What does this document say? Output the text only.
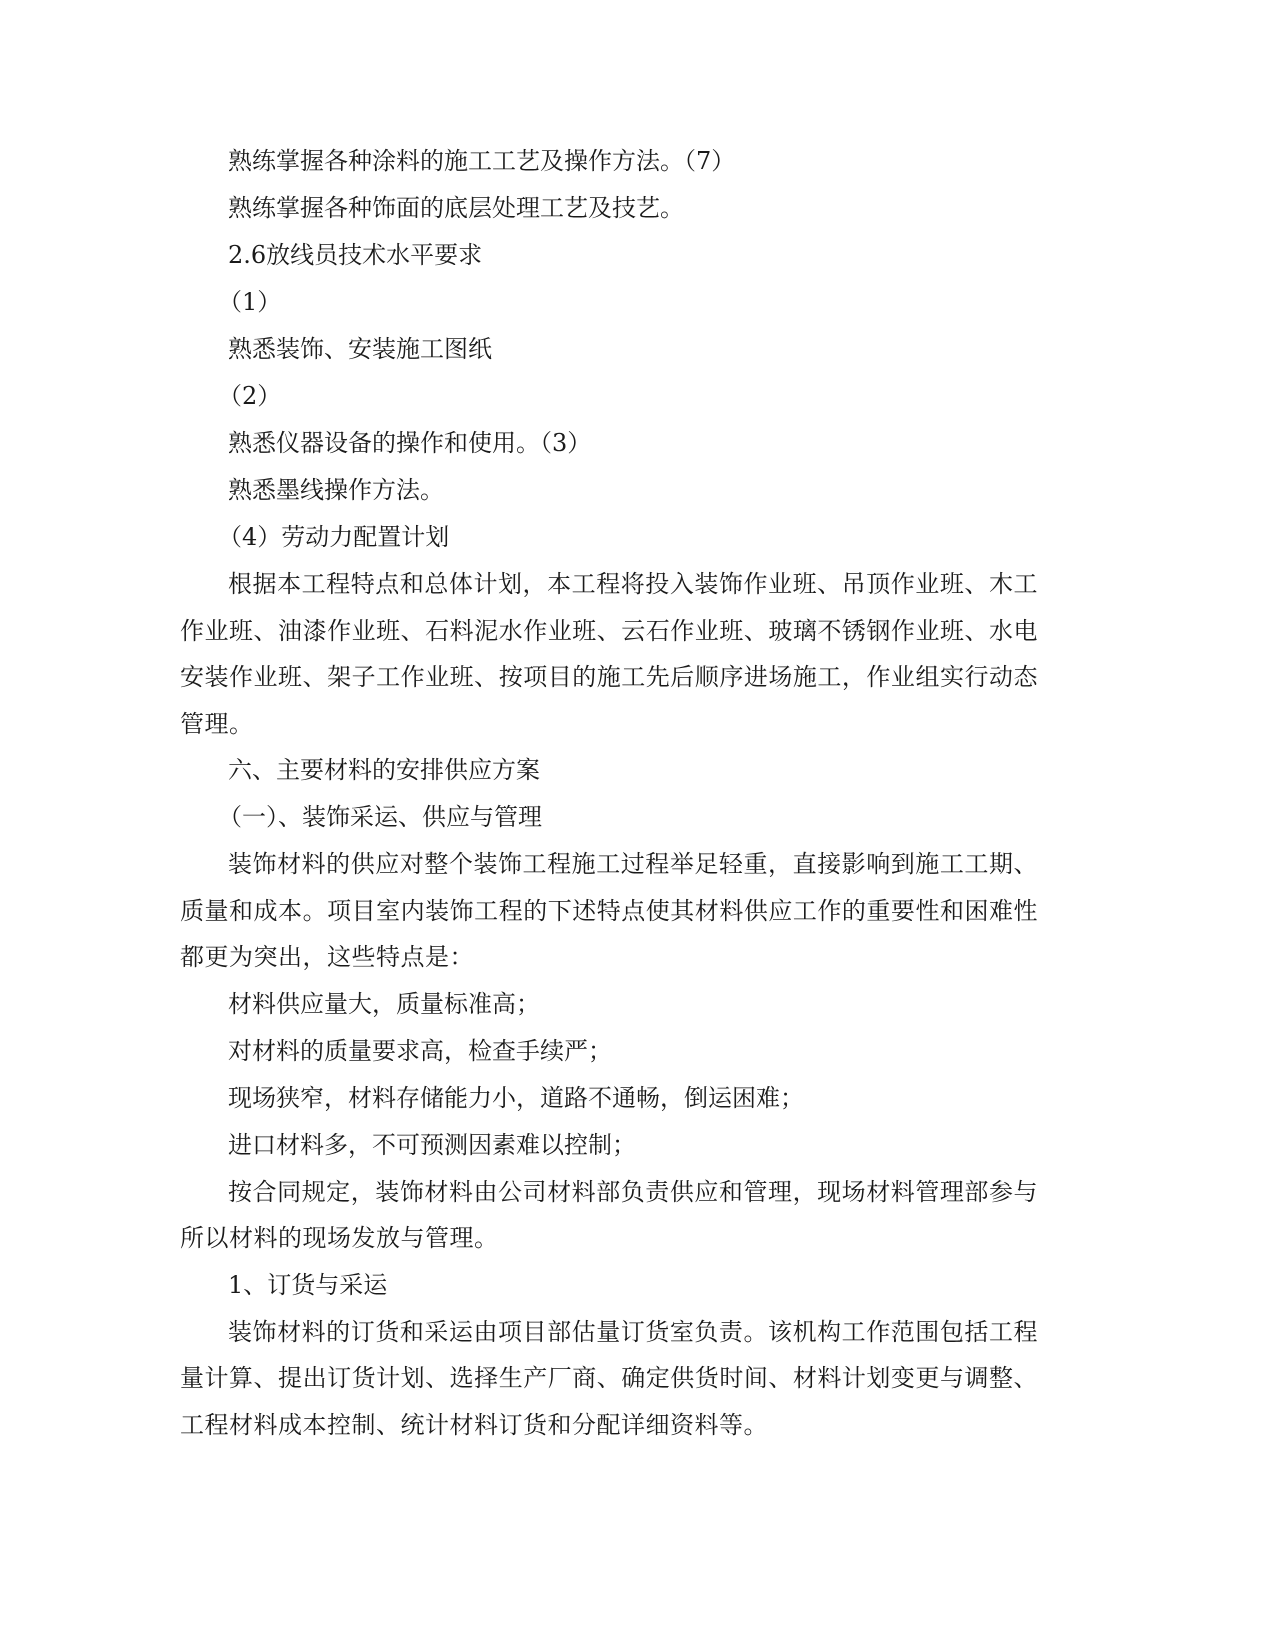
熟练掌握各种涂料的施工工艺及操作方法。（7）

熟练掌握各种饰面的底层处理工艺及技艺。

2.6放线员技术水平要求

（1）

熟悉装饰、安装施工图纸

（2）

熟悉仪器设备的操作和使用。（3）

熟悉墨线操作方法。

（4）劳动力配置计划

根据本工程特点和总体计划，本工程将投入装饰作业班、吊顶作业班、木工作业班、油漆作业班、石料泥水作业班、云石作业班、玻璃不锈钢作业班、水电安装作业班、架子工作业班、按项目的施工先后顺序进场施工，作业组实行动态管理。

六、主要材料的安排供应方案

（一）、装饰采运、供应与管理

装饰材料的供应对整个装饰工程施工过程举足轻重，直接影响到施工工期、质量和成本。项目室内装饰工程的下述特点使其材料供应工作的重要性和困难性都更为突出，这些特点是：

材料供应量大，质量标准高；

对材料的质量要求高，检查手续严；

现场狭窄，材料存储能力小，道路不通畅，倒运困难；

进口材料多，不可预测因素难以控制；

按合同规定，装饰材料由公司材料部负责供应和管理，现场材料管理部参与所以材料的现场发放与管理。

1、订货与采运

装饰材料的订货和采运由项目部估量订货室负责。该机构工作范围包括工程量计算、提出订货计划、选择生产厂商、确定供货时间、材料计划变更与调整、工程材料成本控制、统计材料订货和分配详细资料等。
